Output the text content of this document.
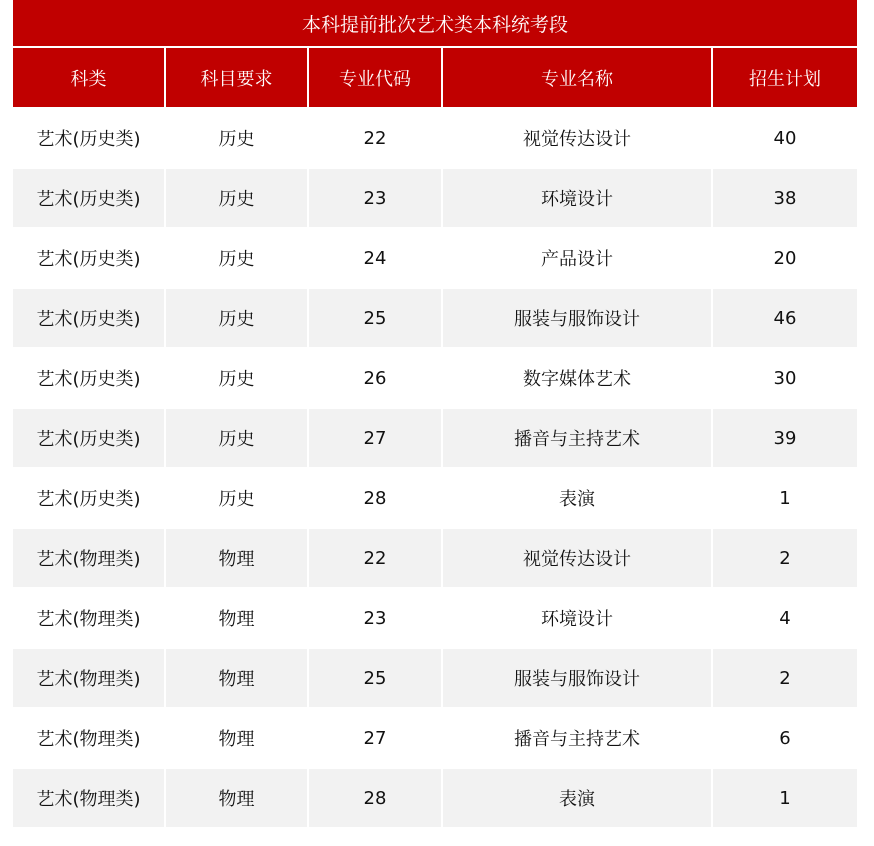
本科提前批次艺术类本科统考段
科类	科目要求	专业代码	专业名称	招生计划
艺术(历史类)	历史	22	视觉传达设计	40
艺术(历史类)	历史	23	环境设计	38
艺术(历史类)	历史	24	产品设计	20
艺术(历史类)	历史	25	服装与服饰设计	46
艺术(历史类)	历史	26	数字媒体艺术	30
艺术(历史类)	历史	27	播音与主持艺术	39
艺术(历史类)	历史	28	表演	1
艺术(物理类)	物理	22	视觉传达设计	2
艺术(物理类)	物理	23	环境设计	4
艺术(物理类)	物理	25	服装与服饰设计	2
艺术(物理类)	物理	27	播音与主持艺术	6
艺术(物理类)	物理	28	表演	1
